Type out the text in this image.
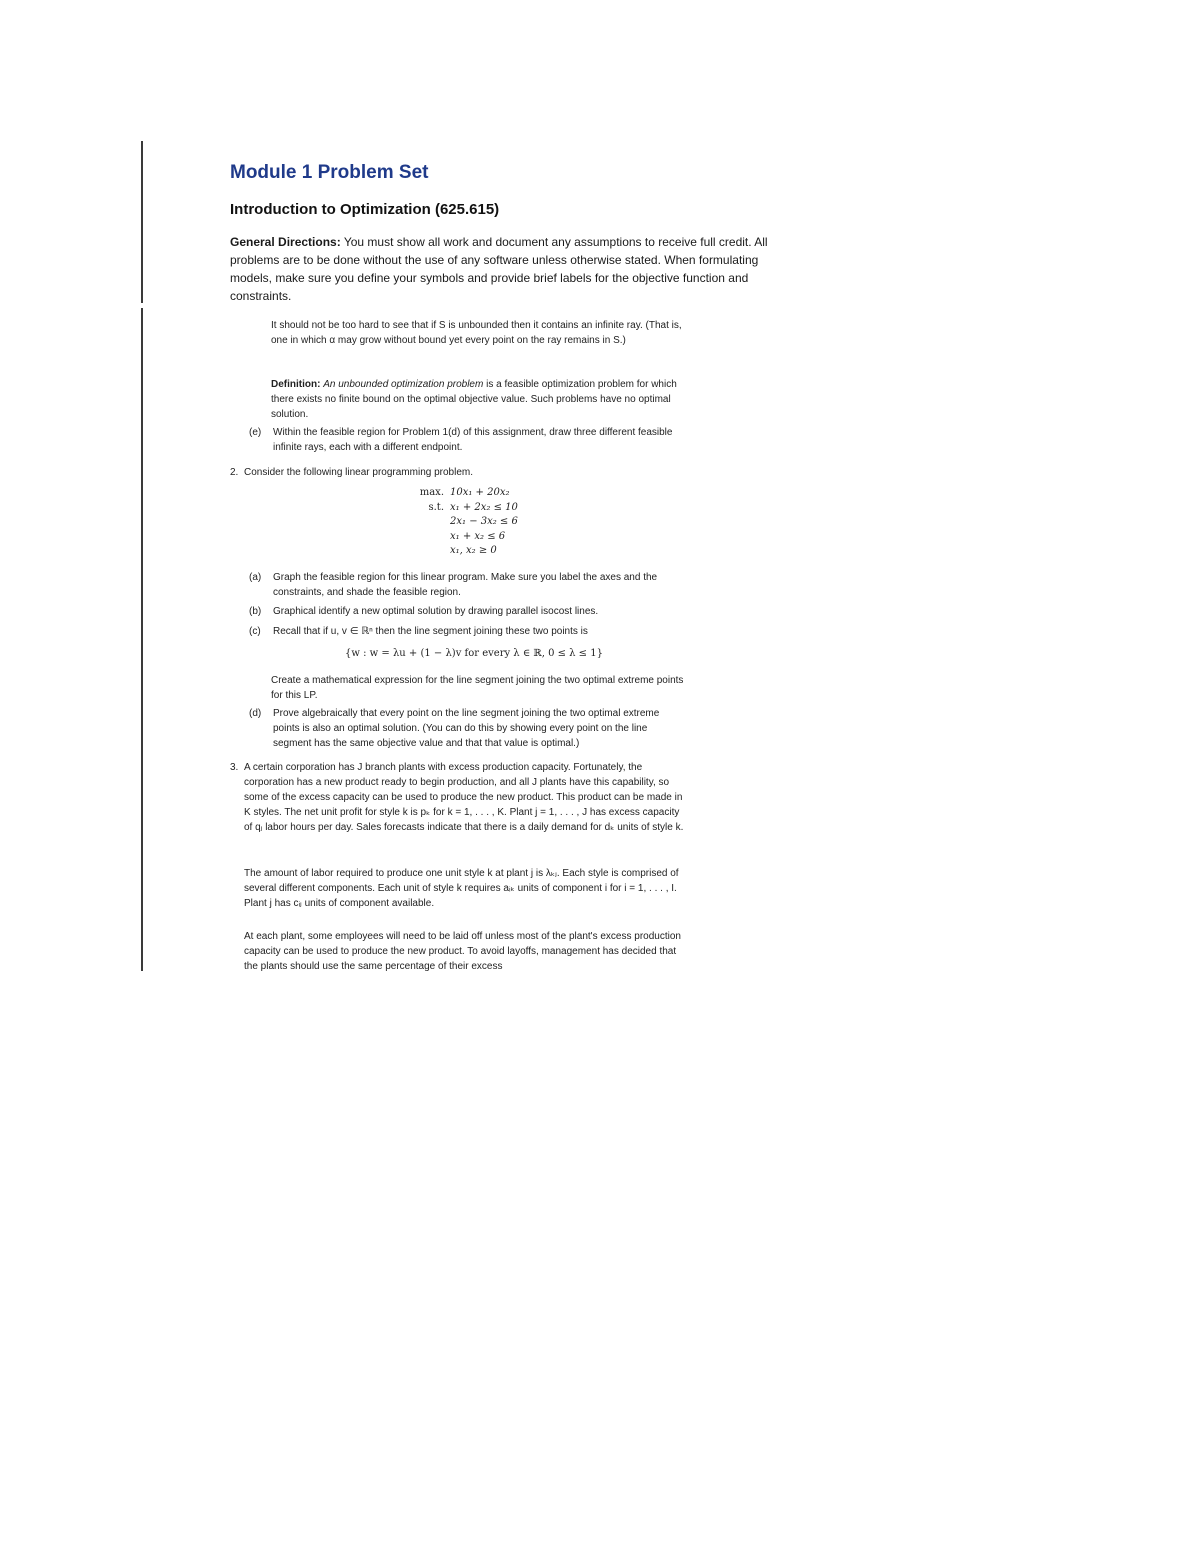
Module 1 Problem Set
Introduction to Optimization (625.615)
General Directions: You must show all work and document any assumptions to receive full credit. All problems are to be done without the use of any software unless otherwise stated. When formulating models, make sure you define your symbols and provide brief labels for the objective function and constraints.
It should not be too hard to see that if S is unbounded then it contains an infinite ray. (That is, one in which α may grow without bound yet every point on the ray remains in S.)
Definition: An unbounded optimization problem is a feasible optimization problem for which there exists no finite bound on the optimal objective value. Such problems have no optimal solution.
(e)	Within the feasible region for Problem 1(d) of this assignment, draw three different feasible infinite rays, each with a different endpoint.
2. Consider the following linear programming problem.
max. 10x₁ + 20x₂
s.t. x₁ + 2x₂ ≤ 10
2x₁ − 3x₂ ≤ 6
x₁ + x₂ ≤ 6
x₁, x₂ ≥ 0
(a)	Graph the feasible region for this linear program. Make sure you label the axes and the constraints, and shade the feasible region.
(b)	Graphical identify a new optimal solution by drawing parallel isocost lines.
(c)	Recall that if u, v ∈ ℝⁿ then the line segment joining these two points is
{w : w = λu + (1 − λ)v for every λ ∈ ℝ, 0 ≤ λ ≤ 1}
Create a mathematical expression for the line segment joining the two optimal extreme points for this LP.
(d)	Prove algebraically that every point on the line segment joining the two optimal extreme points is also an optimal solution. (You can do this by showing every point on the line segment has the same objective value and that that value is optimal.)
3. A certain corporation has J branch plants with excess production capacity. Fortunately, the corporation has a new product ready to begin production, and all J plants have this capability, so some of the excess capacity can be used to produce the new product. This product can be made in K styles. The net unit profit for style k is pₖ for k = 1, . . . , K. Plant j = 1, . . . , J has excess capacity of qⱼ labor hours per day. Sales forecasts indicate that there is a daily demand for dₖ units of style k.
The amount of labor required to produce one unit style k at plant j is λₖⱼ. Each style is comprised of several different components. Each unit of style k requires aᵢₖ units of component i for i = 1, . . . , I. Plant j has cᵢⱼ units of component available.
At each plant, some employees will need to be laid off unless most of the plant's excess production capacity can be used to produce the new product. To avoid layoffs, management has decided that the plants should use the same percentage of their excess
